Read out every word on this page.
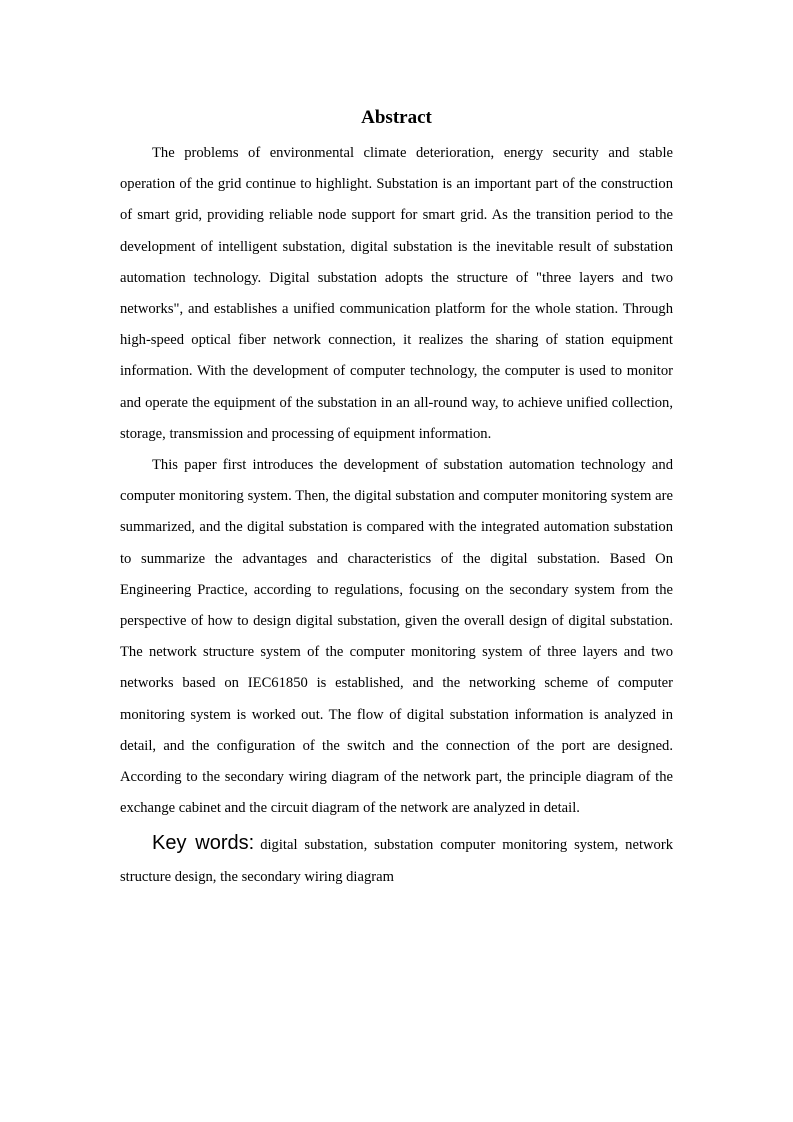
Abstract

The problems of environmental climate deterioration, energy security and stable operation of the grid continue to highlight. Substation is an important part of the construction of smart grid, providing reliable node support for smart grid. As the transition period to the development of intelligent substation, digital substation is the inevitable result of substation automation technology. Digital substation adopts the structure of "three layers and two networks", and establishes a unified communication platform for the whole station. Through high-speed optical fiber network connection, it realizes the sharing of station equipment information. With the development of computer technology, the computer is used to monitor and operate the equipment of the substation in an all-round way, to achieve unified collection, storage, transmission and processing of equipment information.

This paper first introduces the development of substation automation technology and computer monitoring system. Then, the digital substation and computer monitoring system are summarized, and the digital substation is compared with the integrated automation substation to summarize the advantages and characteristics of the digital substation. Based On Engineering Practice, according to regulations, focusing on the secondary system from the perspective of how to design digital substation, given the overall design of digital substation. The network structure system of the computer monitoring system of three layers and two networks based on IEC61850 is established, and the networking scheme of computer monitoring system is worked out. The flow of digital substation information is analyzed in detail, and the configuration of the switch and the connection of the port are designed. According to the secondary wiring diagram of the network part, the principle diagram of the exchange cabinet and the circuit diagram of the network are analyzed in detail.

Key words: digital substation, substation computer monitoring system, network structure design, the secondary wiring diagram
